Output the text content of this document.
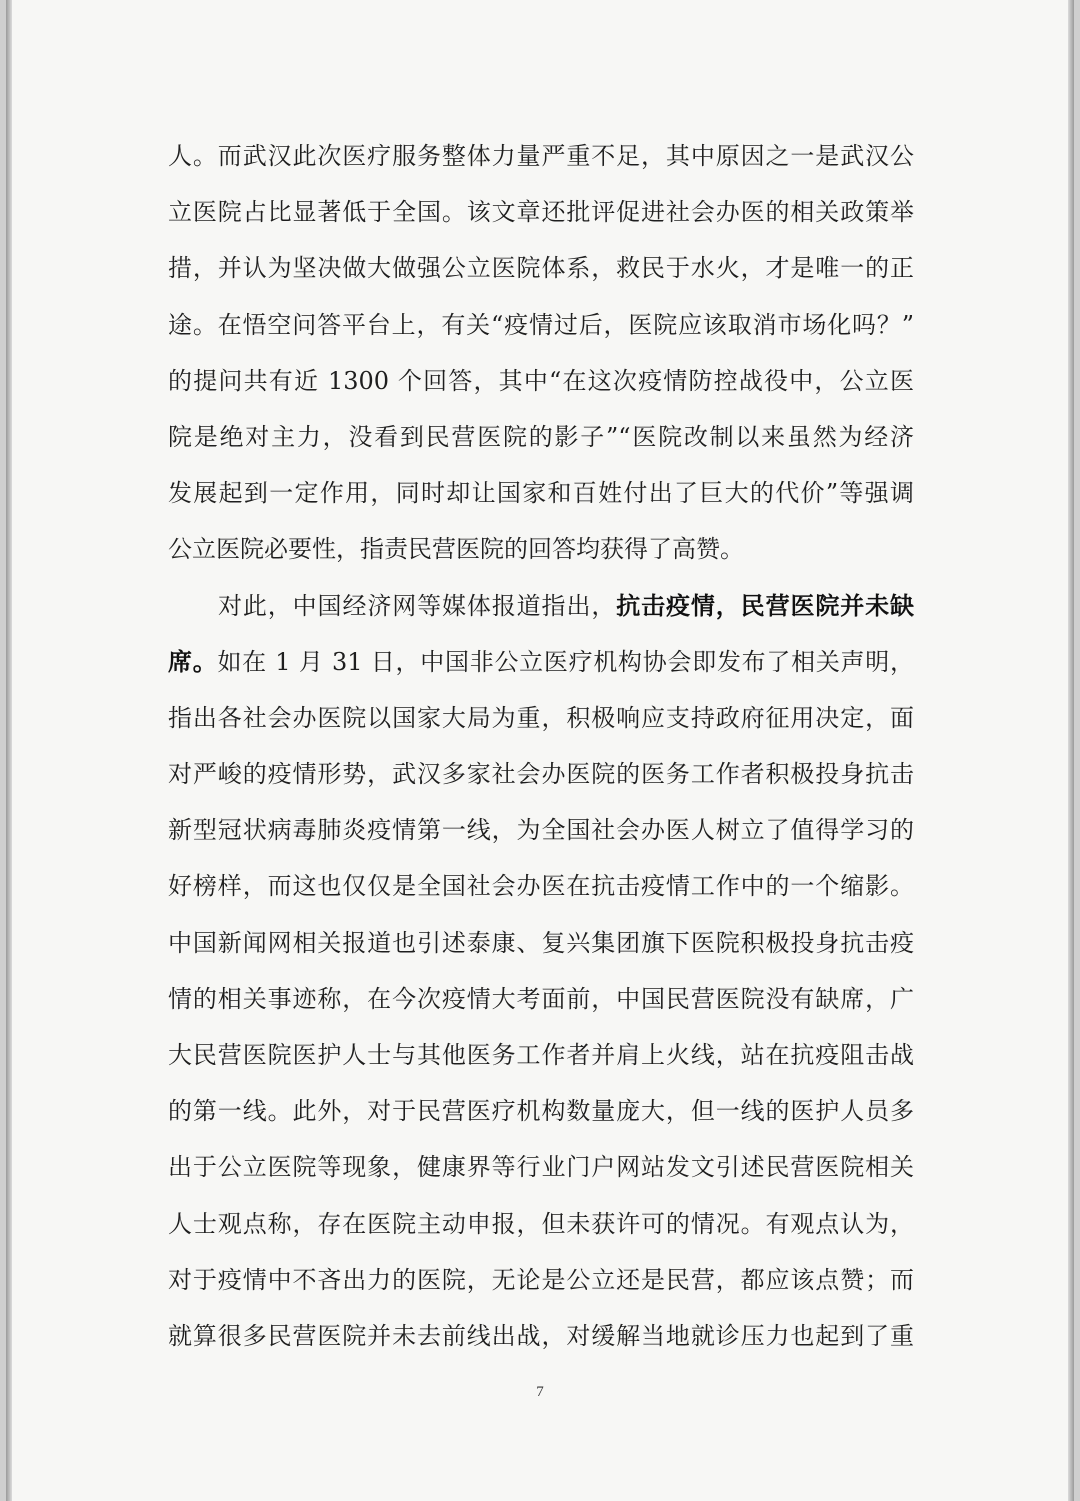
人。而武汉此次医疗服务整体力量严重不足，其中原因之一是武汉公
立医院占比显著低于全国。该文章还批评促进社会办医的相关政策举
措，并认为坚决做大做强公立医院体系，救民于水火，才是唯一的正
途。在悟空问答平台上，有关“疫情过后，医院应该取消市场化吗？”
的提问共有近 1300 个回答，其中“在这次疫情防控战役中，公立医
院是绝对主力，没看到民营医院的影子”“医院改制以来虽然为经济
发展起到一定作用，同时却让国家和百姓付出了巨大的代价”等强调
公立医院必要性，指责民营医院的回答均获得了高赞。
对此，中国经济网等媒体报道指出，抗击疫情，民营医院并未缺
席。如在 1 月 31 日，中国非公立医疗机构协会即发布了相关声明，
指出各社会办医院以国家大局为重，积极响应支持政府征用决定，面
对严峻的疫情形势，武汉多家社会办医院的医务工作者积极投身抗击
新型冠状病毒肺炎疫情第一线，为全国社会办医人树立了值得学习的
好榜样，而这也仅仅是全国社会办医在抗击疫情工作中的一个缩影。
中国新闻网相关报道也引述泰康、复兴集团旗下医院积极投身抗击疫
情的相关事迹称，在今次疫情大考面前，中国民营医院没有缺席，广
大民营医院医护人士与其他医务工作者并肩上火线，站在抗疫阻击战
的第一线。此外，对于民营医疗机构数量庞大，但一线的医护人员多
出于公立医院等现象，健康界等行业门户网站发文引述民营医院相关
人士观点称，存在医院主动申报，但未获许可的情况。有观点认为，
对于疫情中不吝出力的医院，无论是公立还是民营，都应该点赞；而
就算很多民营医院并未去前线出战，对缓解当地就诊压力也起到了重
7
